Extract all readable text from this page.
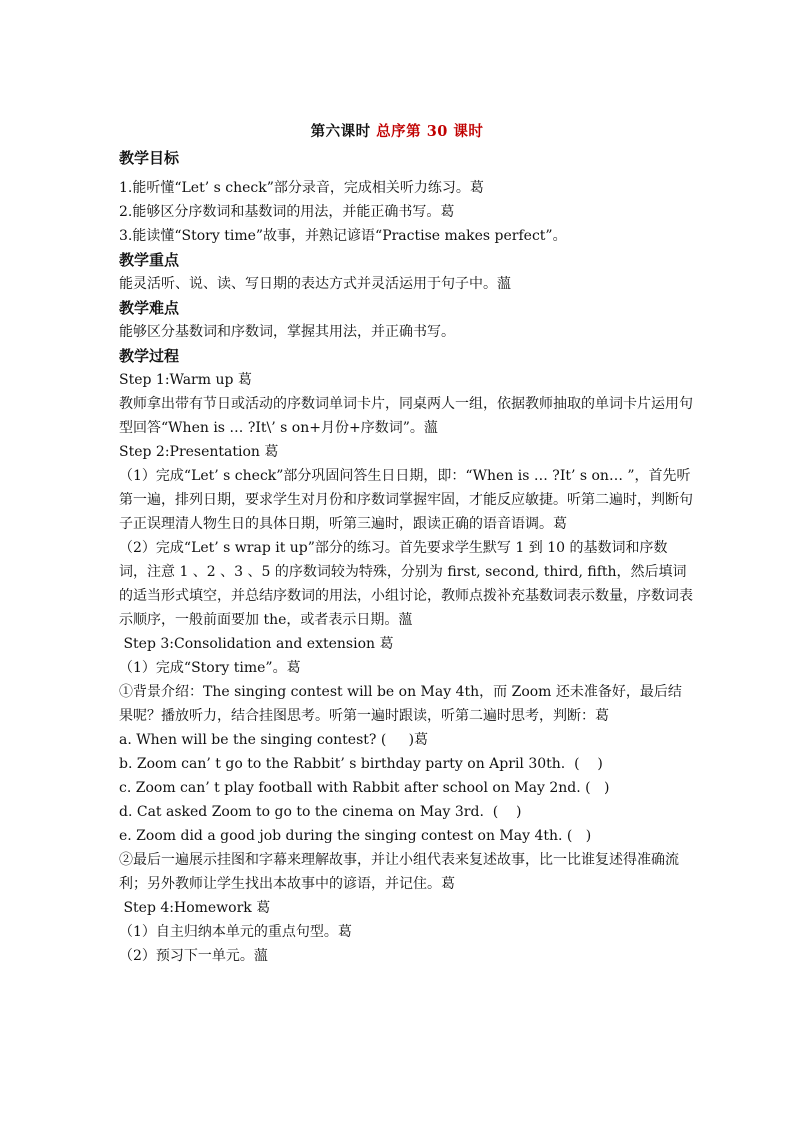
第六课时 总序第 30 课时
教学目标
1.能听懂“Let’ s check”部分录音，完成相关听力练习。葛
2.能够区分序数词和基数词的用法，并能正确书写。葛
3.能读懂“Story time”故事，并熟记谚语“Practise makes perfect”。
教学重点
能灵活听、说、读、写日期的表达方式并灵活运用于句子中。薀
教学难点
能够区分基数词和序数词，掌握其用法，并正确书写。
教学过程
Step 1:Warm up 葛
教师拿出带有节日或活动的序数词单词卡片，同桌两人一组，依据教师抽取的单词卡片运用句型回答“When is … ?It\’ s on+月份+序数词”。薀
Step 2:Presentation 葛
（1）完成“Let’ s check”部分巩固问答生日日期，即：“When is … ?It’ s on… ”，首先听第一遍，排列日期，要求学生对月份和序数词掌握牢固，才能反应敏捷。听第二遍时，判断句子正误理清人物生日的具体日期，听第三遍时，跟读正确的语音语调。葛
（2）完成“Let’ s wrap it up”部分的练习。首先要求学生默写 1 到 10 的基数词和序数词，注意 1 、2 、3 、5 的序数词较为特殊，分别为 first, second, third, fifth，然后填词的适当形式填空，并总结序数词的用法，小组讨论，教师点拨补充基数词表示数量，序数词表示顺序，一般前面要加 the，或者表示日期。薀
Step 3:Consolidation and extension 葛
（1）完成“Story time”。葛
①背景介绍：The singing contest will be on May 4th，而 Zoom 还未准备好，最后结果呢？播放听力，结合挂图思考。听第一遍时跟读，听第二遍时思考，判断：葛
a. When will be the singing contest? (     )葛
b. Zoom can’ t go to the Rabbit’ s birthday party on April 30th.  (    )
c. Zoom can’ t play football with Rabbit after school on May 2nd. (   )
d. Cat asked Zoom to go to the cinema on May 3rd.  (    )
e. Zoom did a good job during the singing contest on May 4th. (   )
②最后一遍展示挂图和字幕来理解故事，并让小组代表来复述故事，比一比谁复述得准确流利；另外教师让学生找出本故事中的谚语，并记住。葛
Step 4:Homework 葛
（1）自主归纳本单元的重点句型。葛
（2）预习下一单元。薀
